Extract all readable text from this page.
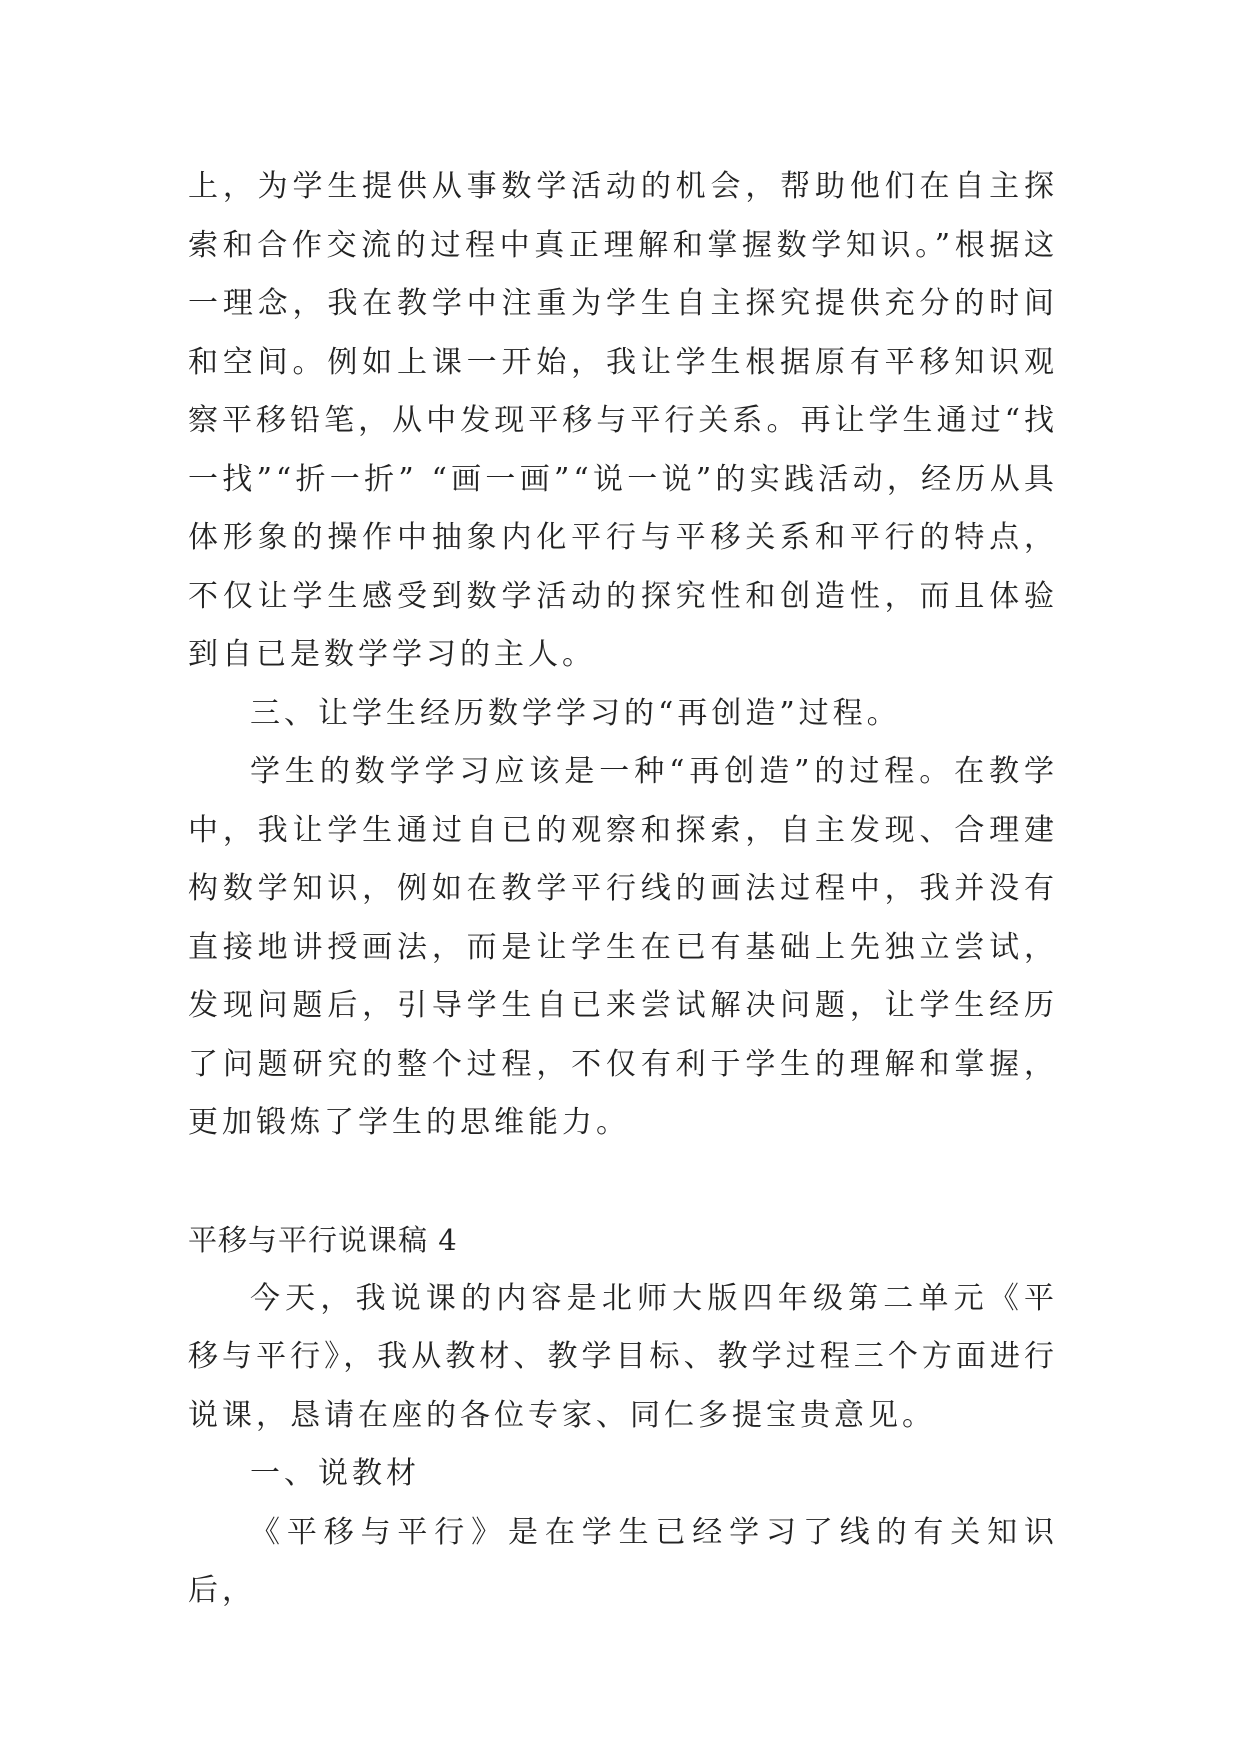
上，为学生提供从事数学活动的机会，帮助他们在自主探索和合作交流的过程中真正理解和掌握数学知识。”根据这一理念，我在教学中注重为学生自主探究提供充分的时间和空间。例如上课一开始，我让学生根据原有平移知识观察平移铅笔，从中发现平移与平行关系。再让学生通过“找一找”“折一折” “画一画”“说一说”的实践活动，经历从具体形象的操作中抽象内化平行与平移关系和平行的特点，不仅让学生感受到数学活动的探究性和创造性，而且体验到自已是数学学习的主人。

三、让学生经历数学学习的“再创造”过程。

学生的数学学习应该是一种“再创造”的过程。在教学中，我让学生通过自已的观察和探索，自主发现、合理建构数学知识，例如在教学平行线的画法过程中，我并没有直接地讲授画法，而是让学生在已有基础上先独立尝试，发现问题后，引导学生自已来尝试解决问题，让学生经历了问题研究的整个过程，不仅有利于学生的理解和掌握，更加锻炼了学生的思维能力。

平移与平行说课稿 4

今天，我说课的内容是北师大版四年级第二单元《平移与平行》，我从教材、教学目标、教学过程三个方面进行说课，恳请在座的各位专家、同仁多提宝贵意见。

一、说教材

《平移与平行》是在学生已经学习了线的有关知识后，
